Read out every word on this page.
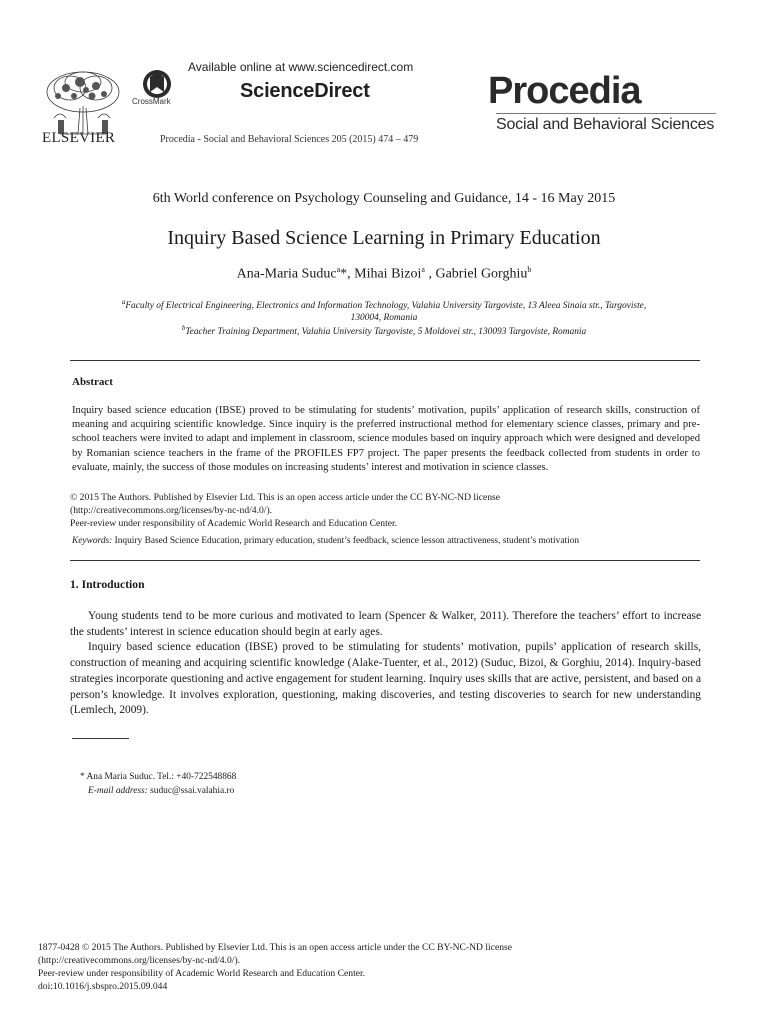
ELSEVIER
CrossMark
Available online at www.sciencedirect.com
ScienceDirect
Procedia - Social and Behavioral Sciences 205 (2015) 474 – 479
Procedia
Social and Behavioral Sciences
6th World conference on Psychology Counseling and Guidance, 14 - 16 May 2015
Inquiry Based Science Learning in Primary Education
Ana-Maria Suduc$^a$*, Mihai Bizoi$^a$ , Gabriel Gorghiu$^b$
$^a$Faculty of Electrical Engineering, Electronics and Information Technology, Valahia University Targoviste, 13 Aleea Sinaia str., Targoviste,
130004, Romania
$^b$Teacher Training Department, Valahia University Targoviste, 5 Moldovei str., 130093 Targoviste, Romania
Abstract
Inquiry based science education (IBSE) proved to be stimulating for students’ motivation, pupils’ application of research skills, construction of meaning and acquiring scientific knowledge. Since inquiry is the preferred instructional method for elementary science classes, primary and pre-school teachers were invited to adapt and implement in classroom, science modules based on inquiry approach which were designed and developed by Romanian science teachers in the frame of the PROFILES FP7 project. The paper presents the feedback collected from students in order to evaluate, mainly, the success of those modules on increasing students’ interest and motivation in science classes.
© 2015 The Authors. Published by Elsevier Ltd. This is an open access article under the CC BY-NC-ND license
(http://creativecommons.org/licenses/by-nc-nd/4.0/).
Peer-review under responsibility of Academic World Research and Education Center.
Keywords: Inquiry Based Science Education, primary education, student’s feedback, science lesson attractiveness, student’s motivation
1. Introduction

Young students tend to be more curious and motivated to learn (Spencer & Walker, 2011). Therefore the teachers’ effort to increase the students’ interest in science education should begin at early ages.

Inquiry based science education (IBSE) proved to be stimulating for students’ motivation, pupils’ application of research skills, construction of meaning and acquiring scientific knowledge (Alake-Tuenter, et al., 2012) (Suduc, Bizoi, & Gorghiu, 2014). Inquiry-based strategies incorporate questioning and active engagement for student learning. Inquiry uses skills that are active, persistent, and based on a person’s knowledge. It involves exploration, questioning, making discoveries, and testing discoveries to search for new understanding (Lemlech, 2009).

* Ana Maria Suduc. Tel.: +40-722548868
E-mail address: suduc@ssai.valahia.ro
1877-0428 © 2015 The Authors. Published by Elsevier Ltd. This is an open access article under the CC BY-NC-ND license
(http://creativecommons.org/licenses/by-nc-nd/4.0/).
Peer-review under responsibility of Academic World Research and Education Center.
doi:10.1016/j.sbspro.2015.09.044
